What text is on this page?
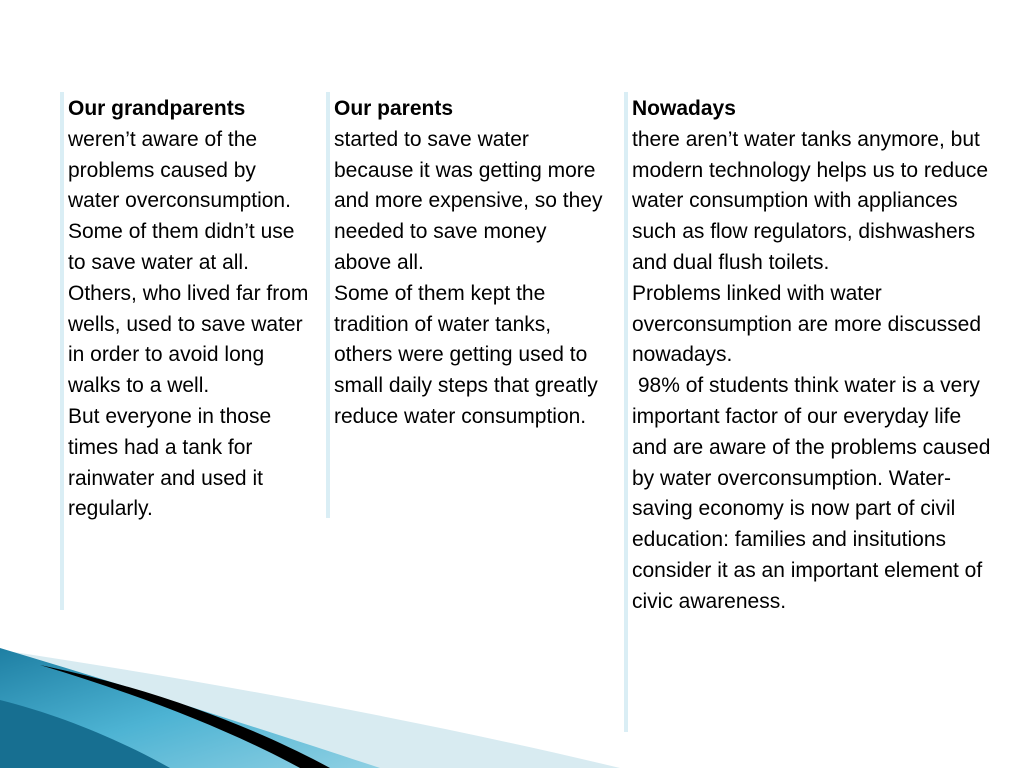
Our grandparents

weren’t aware of the problems caused by water overconsumption.

Some of them didn’t use to save water at all.

Others, who lived far from wells, used to save water in order to avoid long walks to a well.

But everyone in those times had a tank for rainwater and used it regularly.

Our parents

started to save water because it was getting more and more expensive, so they needed to save money above all.

Some of them kept the tradition of water tanks, others were getting used to small daily steps that greatly reduce water consumption.

Nowadays

there aren’t water tanks anymore, but modern technology helps us to reduce water consumption with appliances such as flow regulators, dishwashers and dual flush toilets.

Problems linked with water overconsumption are more discussed nowadays.

98% of students think water is a very important factor of our everyday life and are aware of the problems caused by water overconsumption. Water-saving economy is now part of civil education: families and insitutions consider it as an important element of civic awareness.
